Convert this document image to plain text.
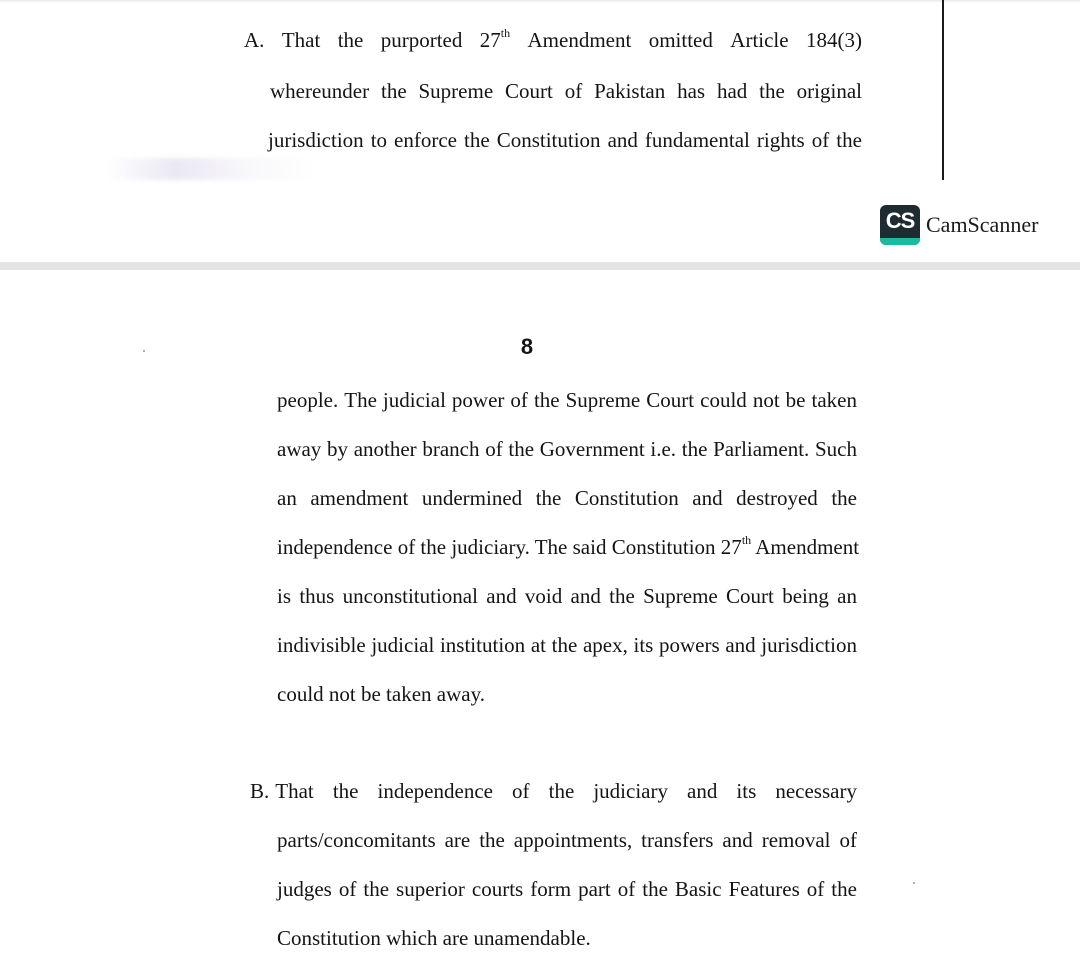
A. That the purported 27th Amendment omitted Article 184(3)
whereunder the Supreme Court of Pakistan has had the original
jurisdiction to enforce the Constitution and fundamental rights of the
CS CamScanner
8
people. The judicial power of the Supreme Court could not be taken
away by another branch of the Government i.e. the Parliament. Such
an amendment undermined the Constitution and destroyed the
independence of the judiciary. The said Constitution 27th Amendment
is thus unconstitutional and void and the Supreme Court being an
indivisible judicial institution at the apex, its powers and jurisdiction
could not be taken away.
B. That the independence of the judiciary and its necessary
parts/concomitants are the appointments, transfers and removal of
judges of the superior courts form part of the Basic Features of the
Constitution which are unamendable.
